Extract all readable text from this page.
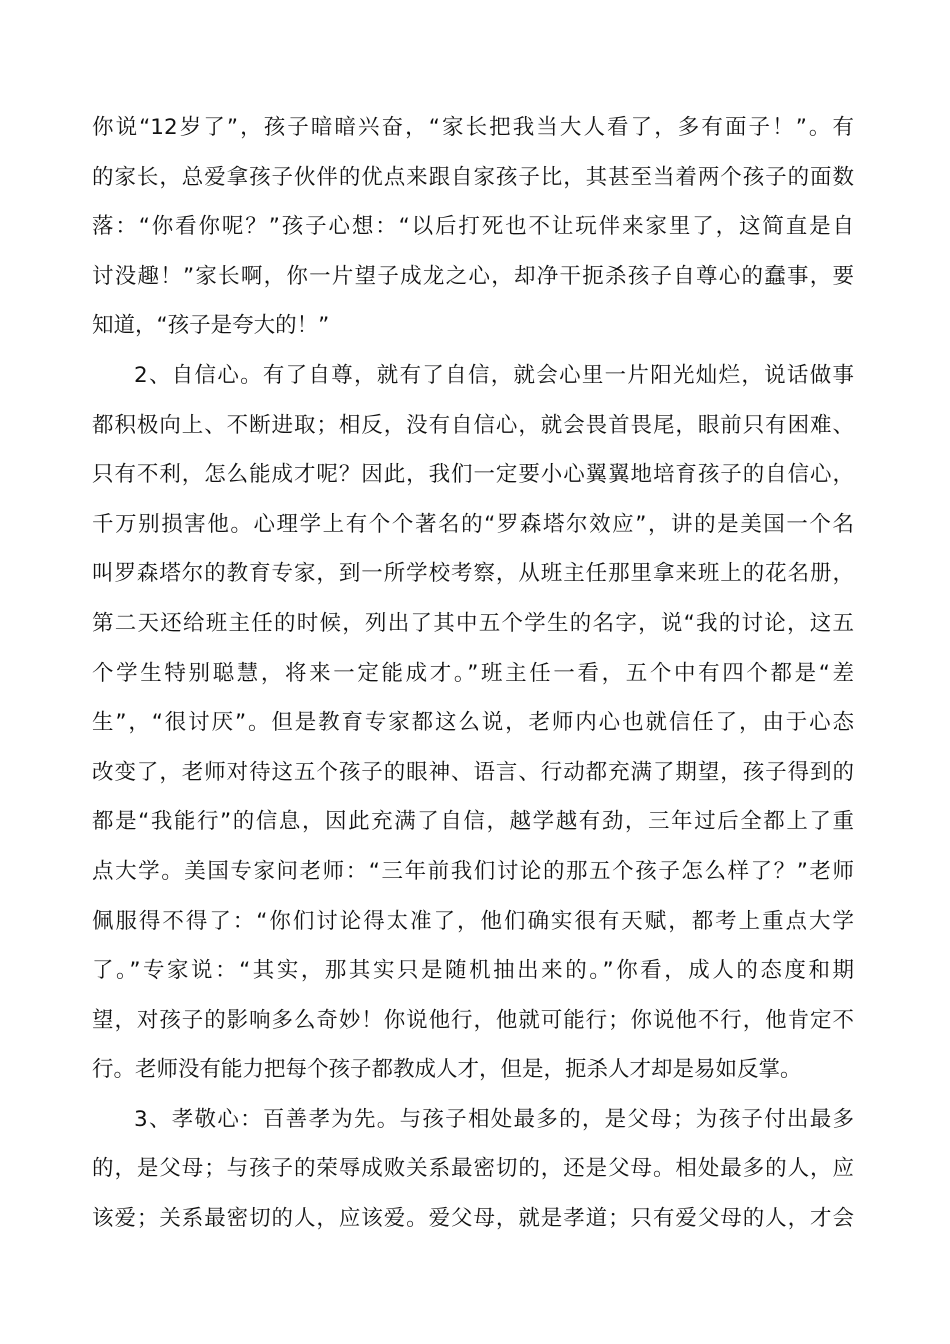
你说“12岁了”，孩子暗暗兴奋，“家长把我当大人看了，多有面子！”。有
的家长，总爱拿孩子伙伴的优点来跟自家孩子比，其甚至当着两个孩子的面数
落：“你看你呢？”孩子心想：“以后打死也不让玩伴来家里了，这简直是自
讨没趣！”家长啊，你一片望子成龙之心，却净干扼杀孩子自尊心的蠢事，要
知道，“孩子是夸大的！”
2、自信心。有了自尊，就有了自信，就会心里一片阳光灿烂，说话做事
都积极向上、不断进取；相反，没有自信心，就会畏首畏尾，眼前只有困难、
只有不利，怎么能成才呢？因此，我们一定要小心翼翼地培育孩子的自信心，
千万别损害他。心理学上有个个著名的“罗森塔尔效应”，讲的是美国一个名
叫罗森塔尔的教育专家，到一所学校考察，从班主任那里拿来班上的花名册，
第二天还给班主任的时候，列出了其中五个学生的名字，说“我的讨论，这五
个学生特别聪慧，将来一定能成才。”班主任一看，五个中有四个都是“差
生”，“很讨厌”。但是教育专家都这么说，老师内心也就信任了，由于心态
改变了，老师对待这五个孩子的眼神、语言、行动都充满了期望，孩子得到的
都是“我能行”的信息，因此充满了自信，越学越有劲，三年过后全都上了重
点大学。美国专家问老师：“三年前我们讨论的那五个孩子怎么样了？”老师
佩服得不得了：“你们讨论得太准了，他们确实很有天赋，都考上重点大学
了。”专家说：“其实，那其实只是随机抽出来的。”你看，成人的态度和期
望，对孩子的影响多么奇妙！你说他行，他就可能行；你说他不行，他肯定不
行。老师没有能力把每个孩子都教成人才，但是，扼杀人才却是易如反掌。
3、孝敬心：百善孝为先。与孩子相处最多的，是父母；为孩子付出最多
的，是父母；与孩子的荣辱成败关系最密切的，还是父母。相处最多的人，应
该爱；关系最密切的人，应该爱。爱父母，就是孝道；只有爱父母的人，才会
